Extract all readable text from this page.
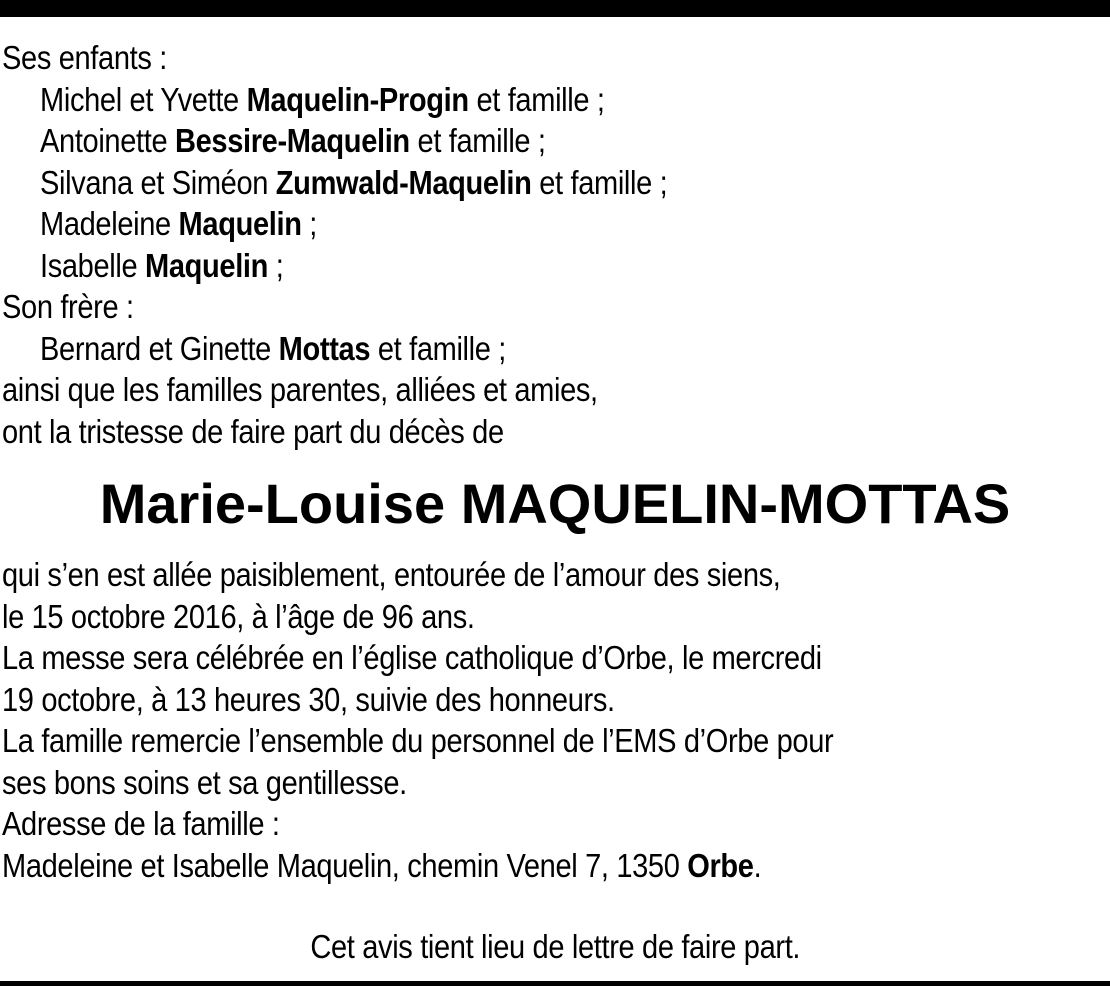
Ses enfants :
Michel et Yvette Maquelin-Progin et famille ;
Antoinette Bessire-Maquelin et famille ;
Silvana et Siméon Zumwald-Maquelin et famille ;
Madeleine Maquelin ;
Isabelle Maquelin ;
Son frère :
Bernard et Ginette Mottas et famille ;
ainsi que les familles parentes, alliées et amies,
ont la tristesse de faire part du décès de
Marie-Louise MAQUELIN-MOTTAS
qui s’en est allée paisiblement, entourée de l’amour des siens,
le 15 octobre 2016, à l’âge de 96 ans.
La messe sera célébrée en l’église catholique d’Orbe, le mercredi
19 octobre, à 13 heures 30, suivie des honneurs.
La famille remercie l’ensemble du personnel de l’EMS d’Orbe pour
ses bons soins et sa gentillesse.
Adresse de la famille :
Madeleine et Isabelle Maquelin, chemin Venel 7, 1350 Orbe.
Cet avis tient lieu de lettre de faire part.
